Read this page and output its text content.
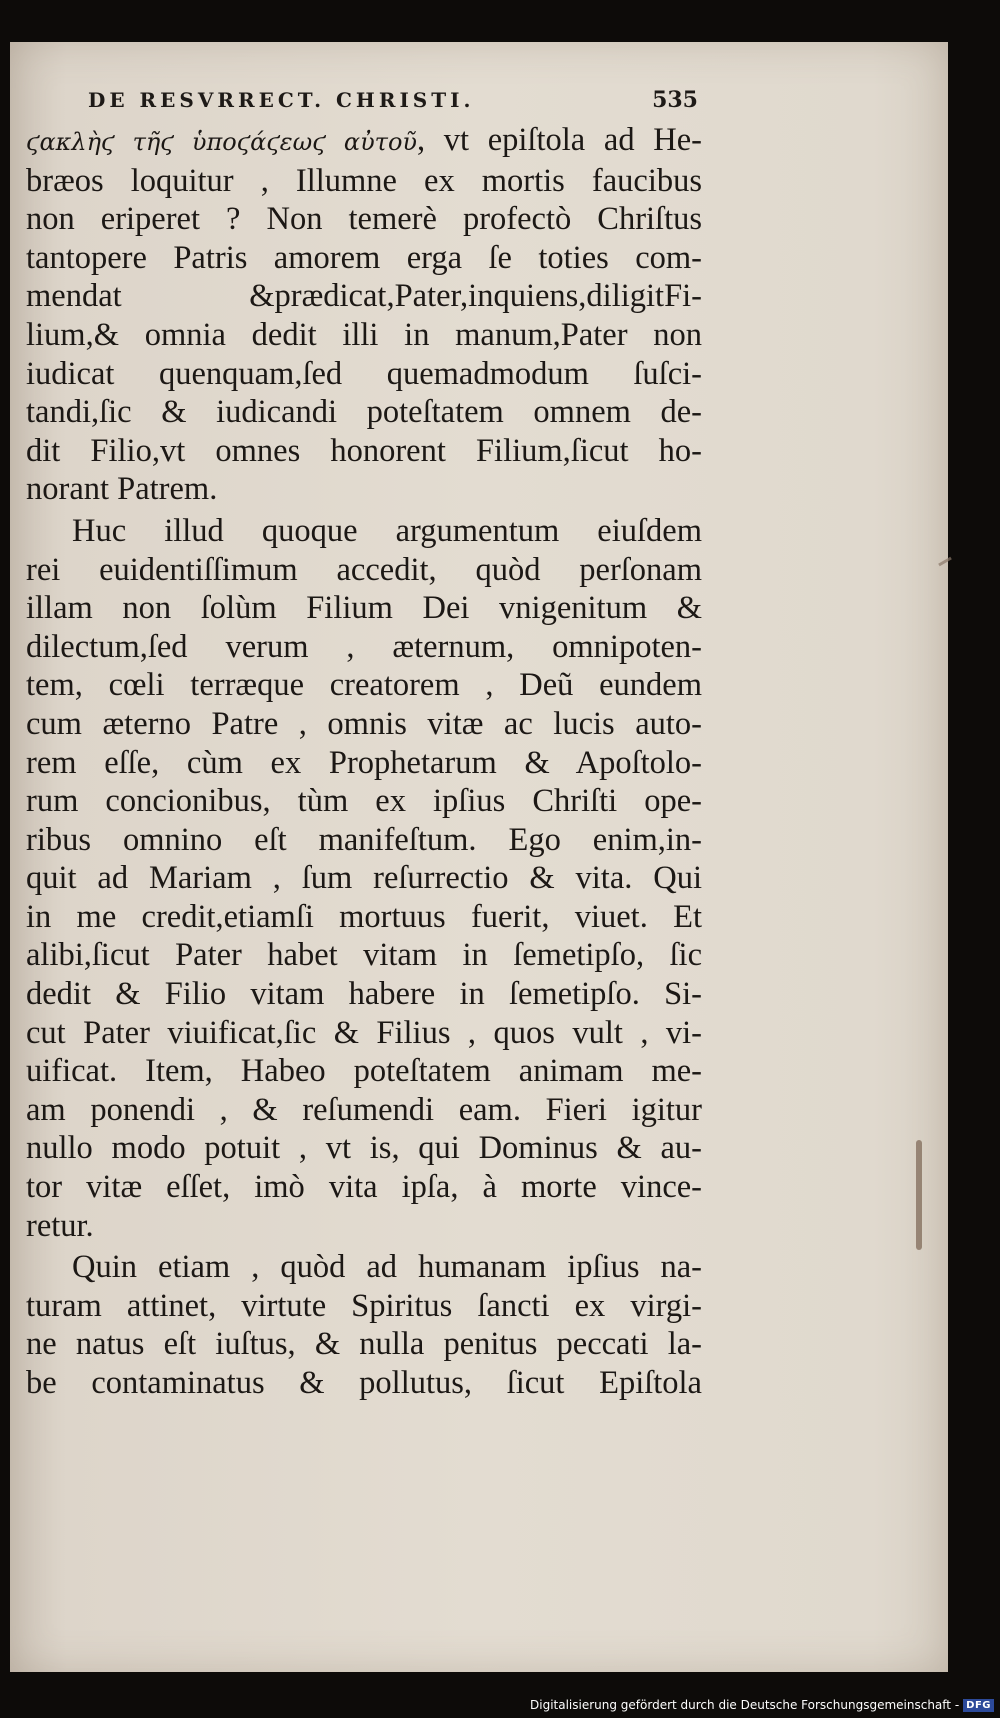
DE RESVRRECT. CHRISTI.	535
ϛακλὴϛ τῆϛ ὑποϛάϛεωϛ αὐτοῦ, vt epiſtola ad He-
bræos loquitur , Illumne ex mortis faucibus
non eriperet ? Non temerè profectò Chriſtus
tantopere Patris amorem erga ſe toties com-
mendat &prædicat,Pater,inquiens,diligitFi-
lium,& omnia dedit illi in manum,Pater non
iudicat quenquam,ſed quemadmodum ſuſci-
tandi,ſic & iudicandi poteſtatem omnem de-
dit Filio,vt omnes honorent Filium,ſicut ho-
norant Patrem.
Huc illud quoque argumentum eiuſdem
rei euidentiſſimum accedit, quòd perſonam
illam non ſolùm Filium Dei vnigenitum &
dilectum,ſed verum , æternum, omnipoten-
tem, cœli terræque creatorem , Deũ eundem
cum æterno Patre , omnis vitæ ac lucis auto-
rem eſſe, cùm ex Prophetarum & Apoſtolo-
rum concionibus, tùm ex ipſius Chriſti ope-
ribus omnino eſt manifeſtum. Ego enim,in-
quit ad Mariam , ſum reſurrectio & vita. Qui
in me credit,etiamſi mortuus fuerit, viuet. Et
alibi,ſicut Pater habet vitam in ſemetipſo, ſic
dedit & Filio vitam habere in ſemetipſo. Si-
cut Pater viuificat,ſic & Filius , quos vult , vi-
uificat. Item, Habeo poteſtatem animam me-
am ponendi , & reſumendi eam. Fieri igitur
nullo modo potuit , vt is, qui Dominus & au-
tor vitæ eſſet, imò vita ipſa, à morte vince-
retur.
Quin etiam , quòd ad humanam ipſius na-
turam attinet, virtute Spiritus ſancti ex virgi-
ne natus eſt iuſtus, & nulla penitus peccati la-
be contaminatus & pollutus, ſicut Epiſtola
Digitalisierung gefördert durch die Deutsche Forschungsgemeinschaft - DFG
